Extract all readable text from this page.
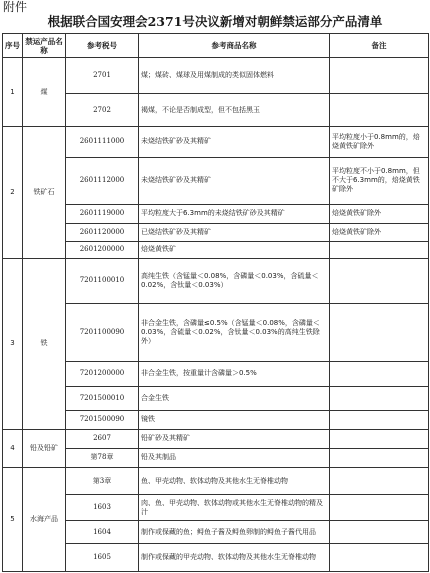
附件
根据联合国安理会2371号决议新增对朝鲜禁运部分产品清单
序号	禁运产品名称	参考税号	参考商品名称	备注
1	煤	2701	煤；煤砖、煤球及用煤制成的类似固体燃料	
		2702	褐煤，不论是否制成型，但不包括黑玉	
2	铁矿石	2601111000	未烧结铁矿砂及其精矿	平均粒度小于0.8mm的，焙烧黄铁矿除外
		2601112000	未烧结铁矿砂及其精矿	平均粒度不小于0.8mm，但不大于6.3mm的，焙烧黄铁矿除外
		2601119000	平均粒度大于6.3mm的未烧结铁矿砂及其精矿	焙烧黄铁矿除外
		2601120000	已烧结铁矿砂及其精矿	焙烧黄铁矿除外
		2601200000	焙烧黄铁矿	
3	铁	7201100010	高纯生铁（含锰量＜0.08%，含磷量＜0.03%，含硫量＜0.02%，含钛量＜0.03%）	
		7201100090	非合金生铁，含磷量≤0.5%（含锰量＜0.08%，含磷量＜0.03%，含硫量＜0.02%，含钛量＜0.03%的高纯生铁除外）	
		7201200000	非合金生铁，按重量计含磷量＞0.5%	
		7201500010	合金生铁	
		7201500090	镜铁	
4	铅及铅矿	2607	铅矿砂及其精矿	
		第78章	铅及其制品	
5	水海产品	第3章	鱼、甲壳动物、软体动物及其他水生无脊椎动物	
		1603	肉、鱼、甲壳动物、软体动物或其他水生无脊椎动物的精及汁	
		1604	制作或保藏的鱼；鲟鱼子酱及鲟鱼卵制的鲟鱼子酱代用品	
		1605	制作或保藏的甲壳动物、软体动物及其他水生无脊椎动物	
